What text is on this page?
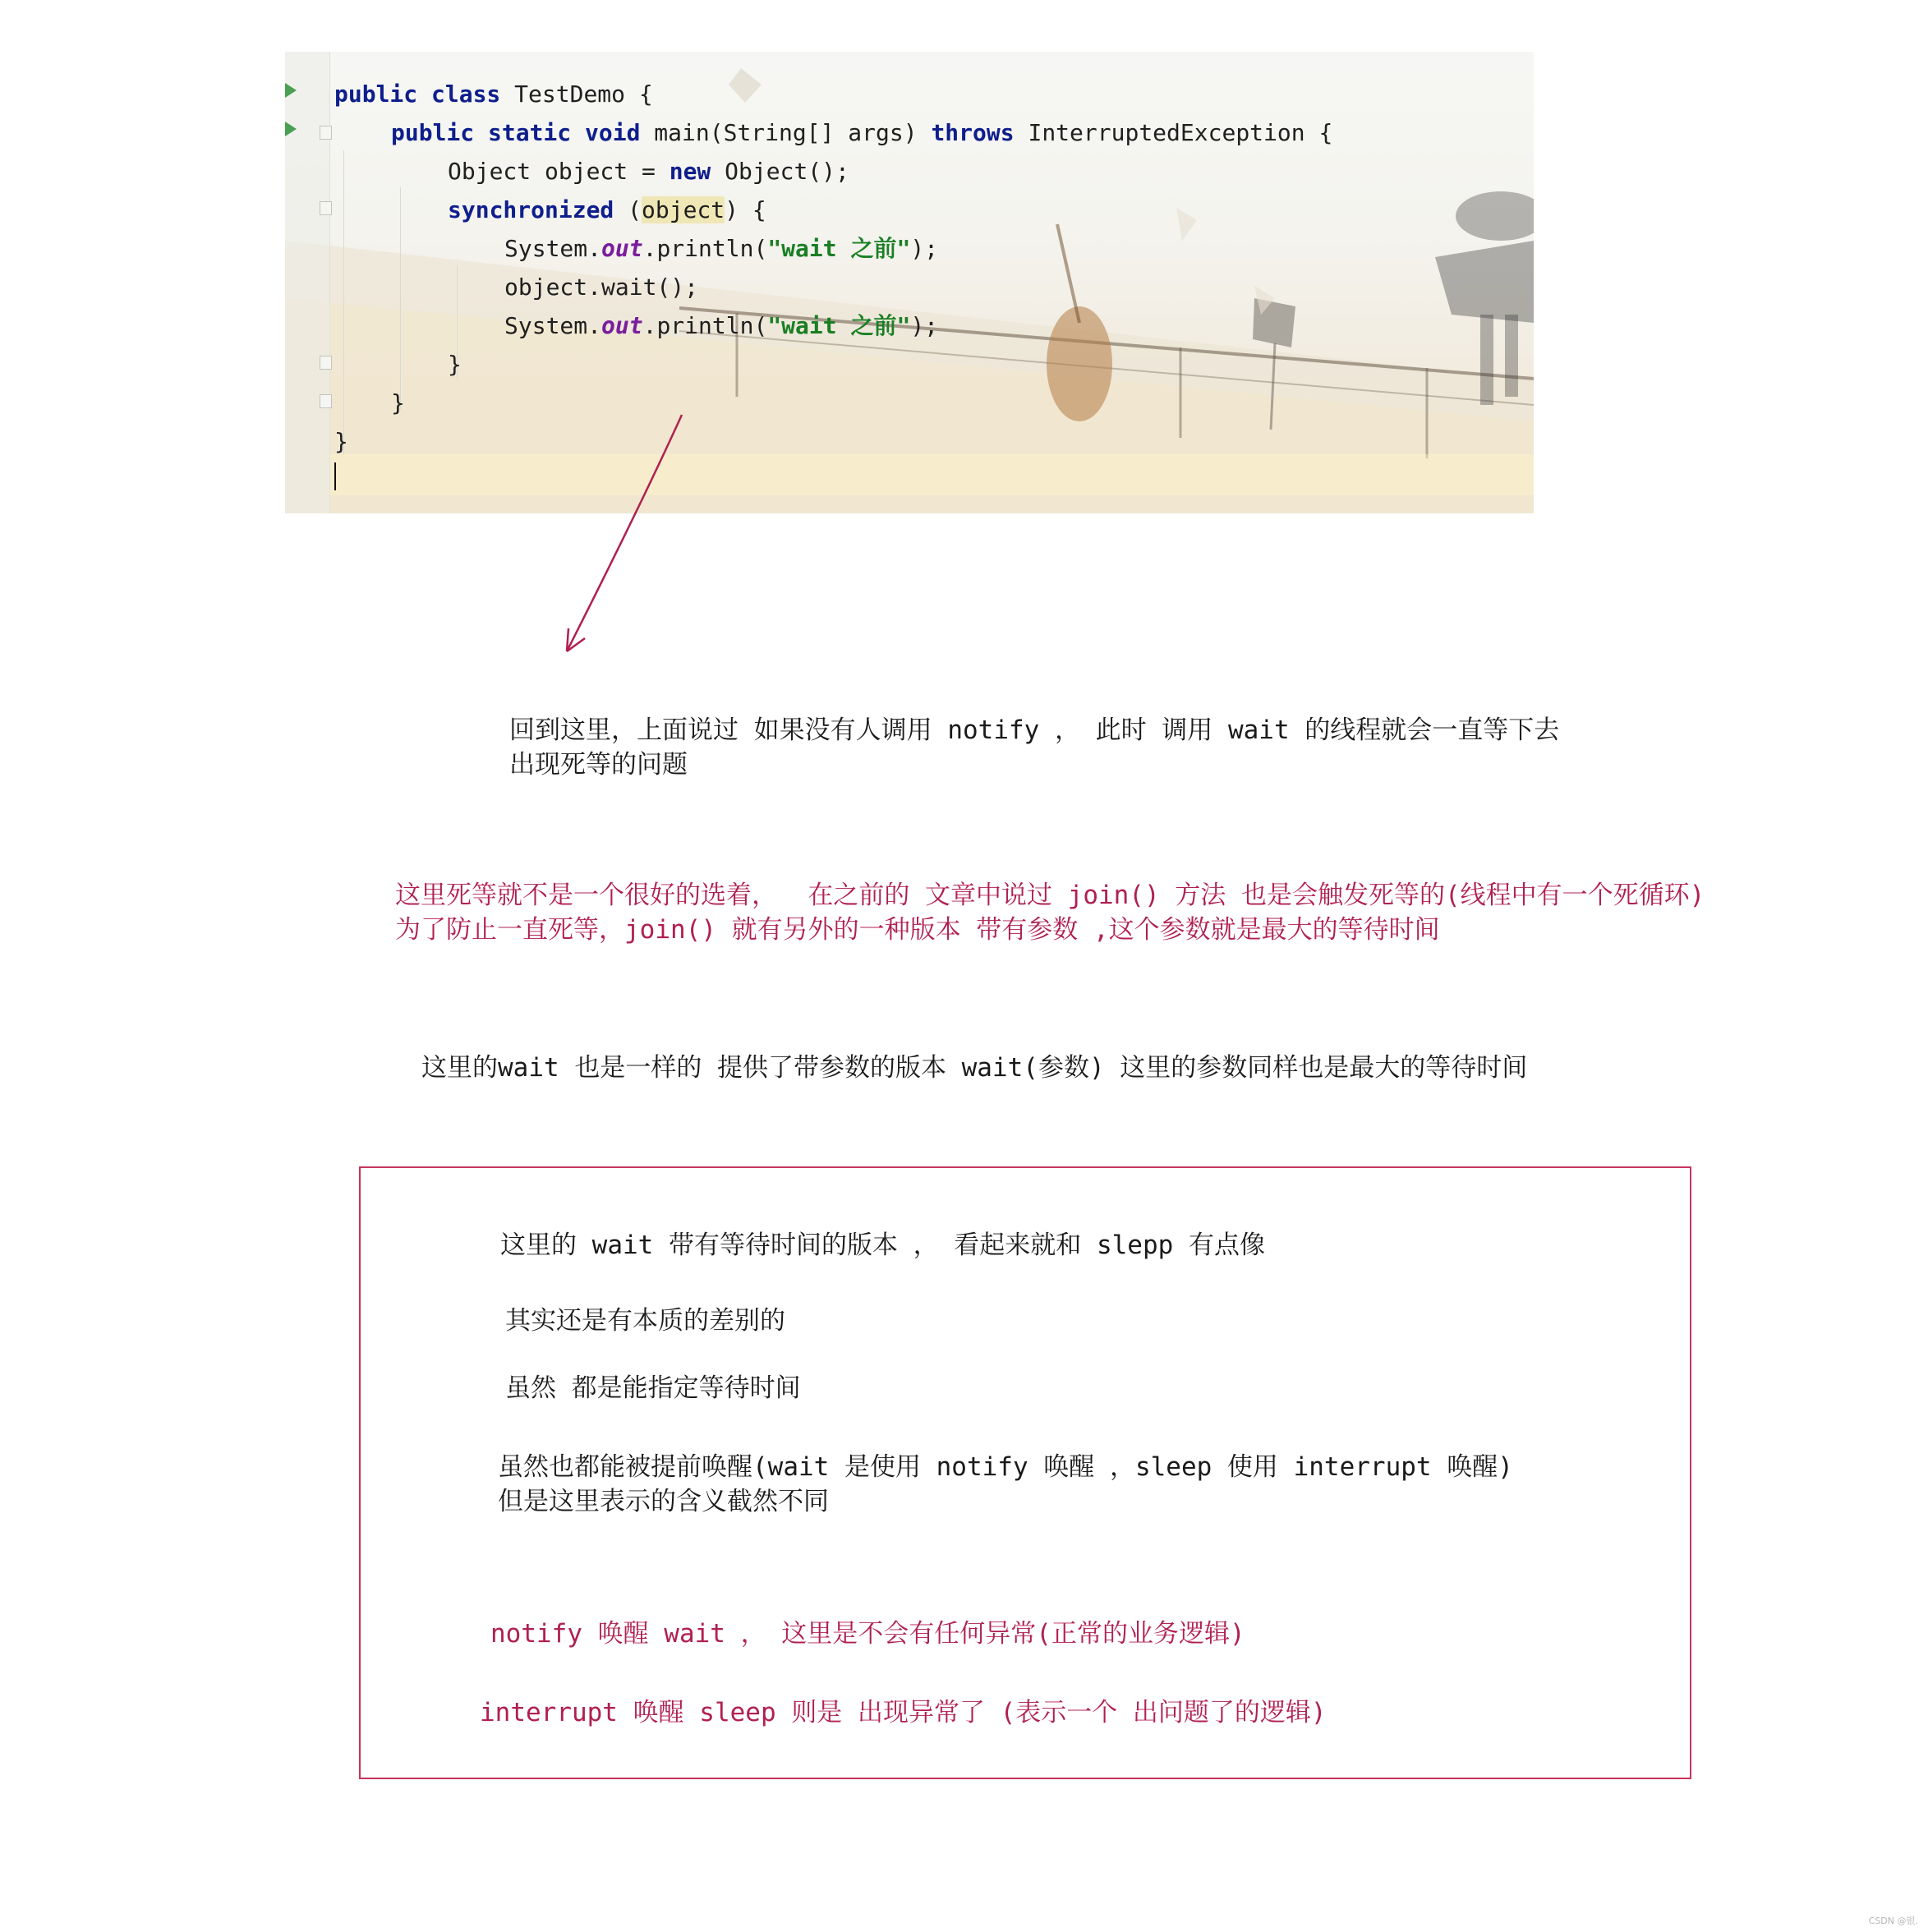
public class TestDemo {
public static void main(String[] args) throws InterruptedException {
Object object = new Object();
synchronized (object) {
System.out.println("wait 之前");
object.wait();
System.out.println("wait 之前");
}
}
}
回到这里，上面说过 如果没有人调用 notify ， 此时 调用 wait 的线程就会一直等下去
出现死等的问题
这里死等就不是一个很好的选着，  在之前的 文章中说过 join() 方法 也是会触发死等的(线程中有一个死循环)
为了防止一直死等，join() 就有另外的一种版本 带有参数 ,这个参数就是最大的等待时间
这里的wait 也是一样的 提供了带参数的版本 wait(参数) 这里的参数同样也是最大的等待时间
这里的 wait 带有等待时间的版本 ， 看起来就和 slepp 有点像
其实还是有本质的差别的
虽然 都是能指定等待时间
虽然也都能被提前唤醒(wait 是使用 notify 唤醒 ，sleep 使用 interrupt 唤醒)
但是这里表示的含义截然不同
notify 唤醒 wait ， 这里是不会有任何异常(正常的业务逻辑)
interrupt 唤醒 sleep 则是 出现异常了 (表示一个 出问题了的逻辑)
CSDN @银.
